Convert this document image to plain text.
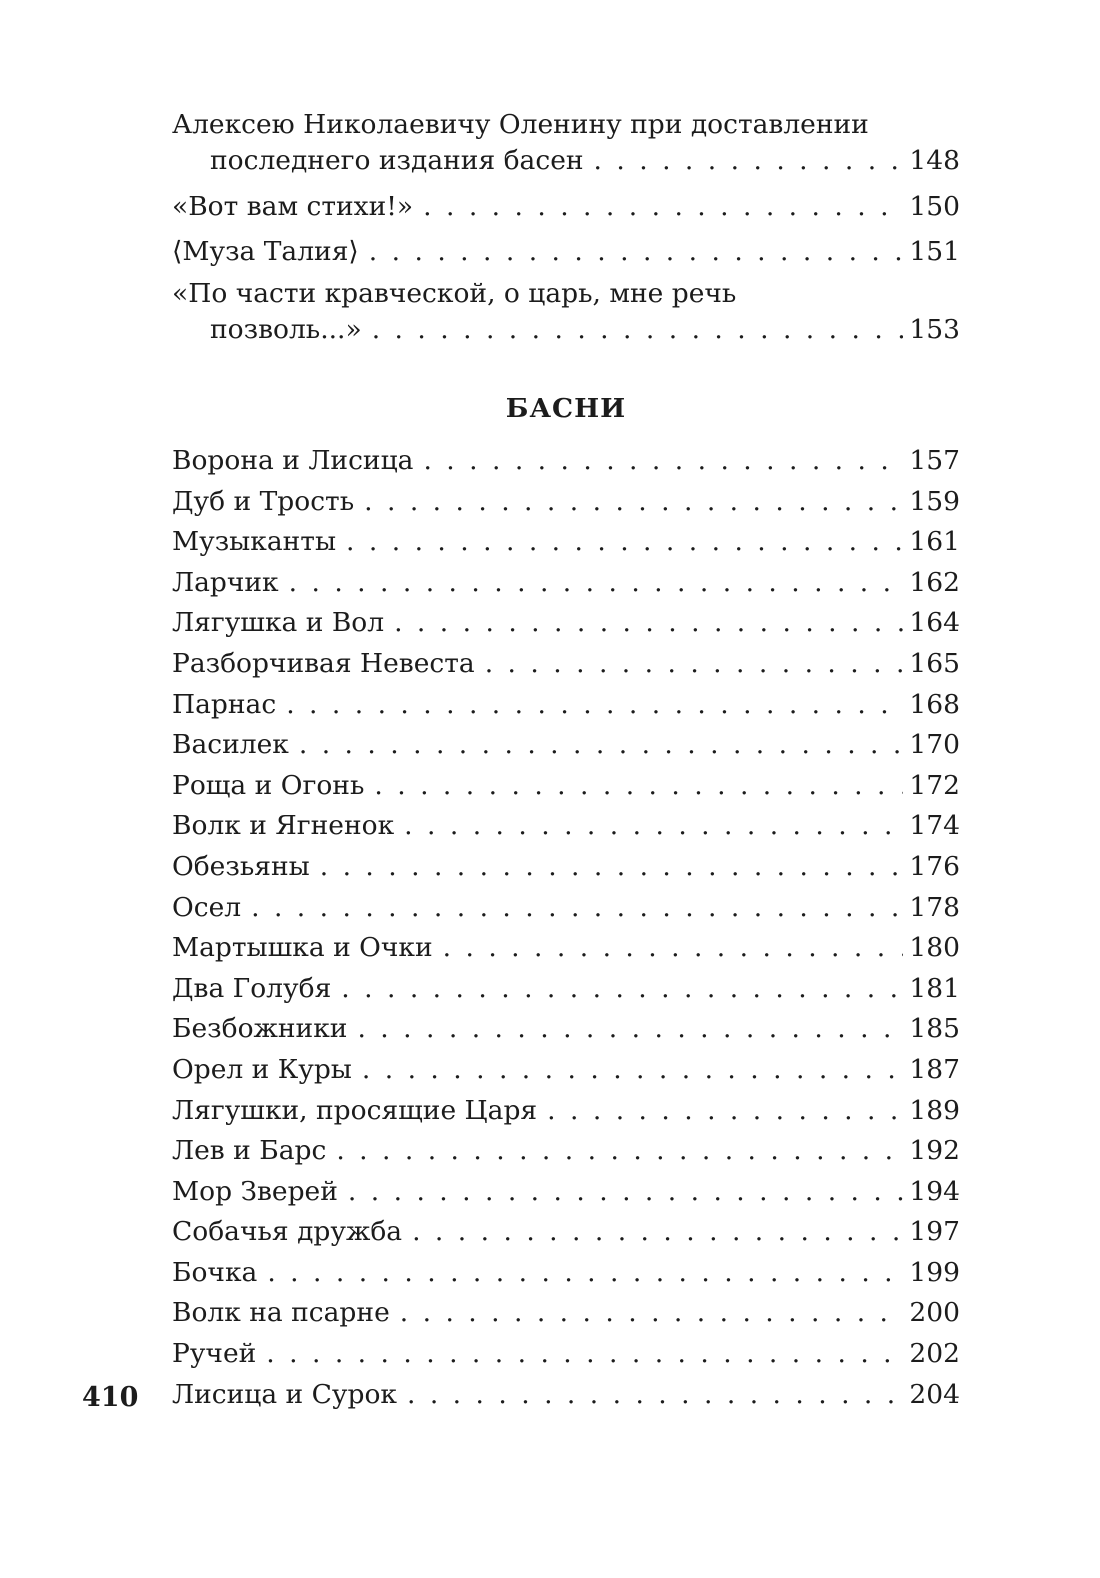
Алексею Николаевичу Оленину при доставлении
последнего издания басен . . .	148
«Вот вам стихи!» . . .	150
⟨Муза Талия⟩ . . .	151
«По части кравческой, о царь, мне речь
позволь...» . . .	153
БАСНИ
Ворона и Лисица . . .	157
Дуб и Трость . . .	159
Музыканты . . .	161
Ларчик . . .	162
Лягушка и Вол . . .	164
Разборчивая Невеста . . .	165
Парнас . . .	168
Василек . . .	170
Роща и Огонь . . .	172
Волк и Ягненок . . .	174
Обезьяны . . .	176
Осел . . .	178
Мартышка и Очки . . .	180
Два Голубя . . .	181
Безбожники . . .	185
Орел и Куры . . .	187
Лягушки, просящие Царя . . .	189
Лев и Барс . . .	192
Мор Зверей . . .	194
Собачья дружба . . .	197
Бочка . . .	199
Волк на псарне . . .	200
Ручей . . .	202
Лисица и Сурок . . .	204
410
